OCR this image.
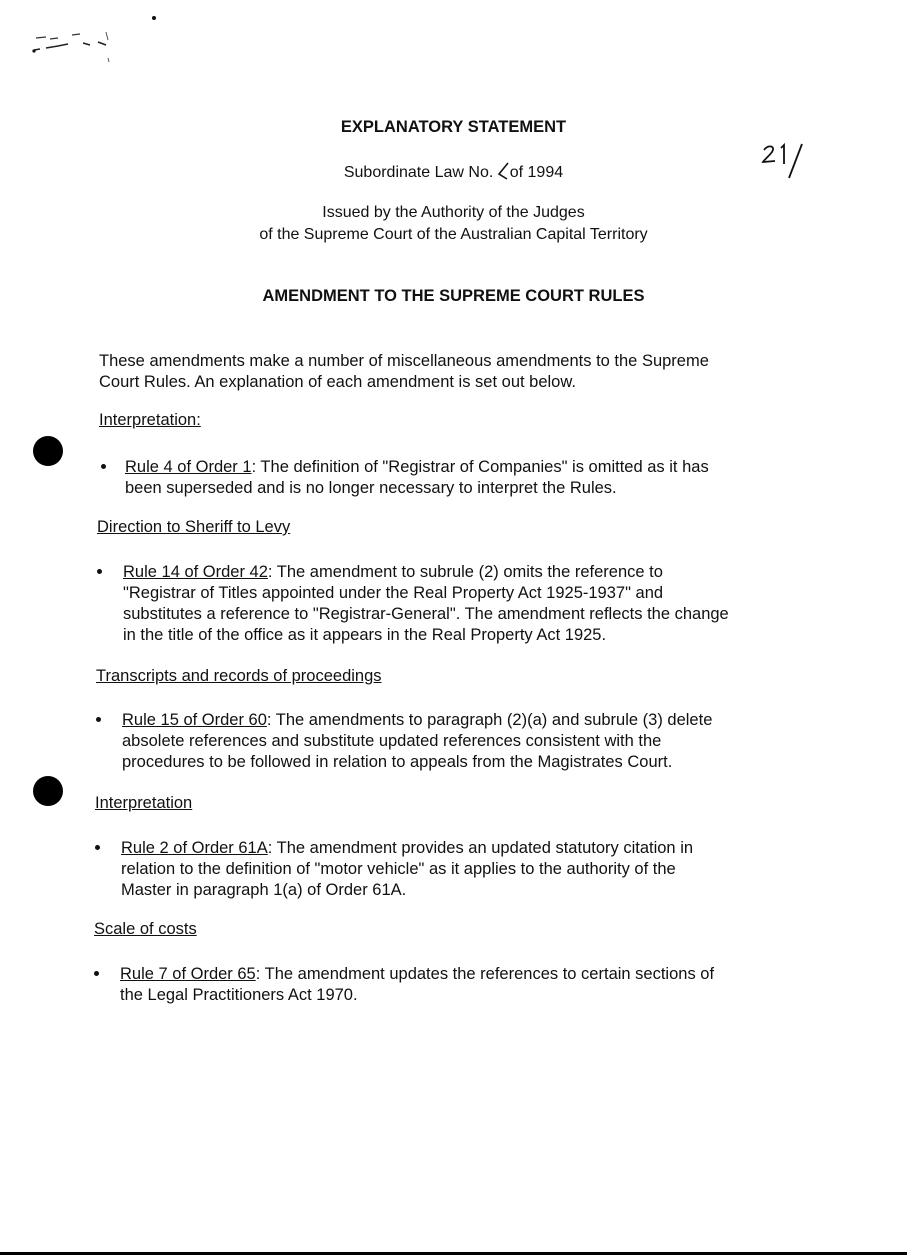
EXPLANATORY STATEMENT
Subordinate Law No. of 1994
Issued by the Authority of the Judges
of the Supreme Court of the Australian Capital Territory
AMENDMENT TO THE SUPREME COURT RULES
These amendments make a number of miscellaneous amendments to the Supreme
Court Rules. An explanation of each amendment is set out below.
Interpretation:
Rule 4 of Order 1: The definition of "Registrar of Companies" is omitted as it has
been superseded and is no longer necessary to interpret the Rules.
Direction to Sheriff to Levy
Rule 14 of Order 42: The amendment to subrule (2) omits the reference to
"Registrar of Titles appointed under the Real Property Act 1925-1937" and
substitutes a reference to "Registrar-General". The amendment reflects the change
in the title of the office as it appears in the Real Property Act 1925.
Transcripts and records of proceedings
Rule 15 of Order 60: The amendments to paragraph (2)(a) and subrule (3) delete
absolete references and substitute updated references consistent with the
procedures to be followed in relation to appeals from the Magistrates Court.
Interpretation
Rule 2 of Order 61A: The amendment provides an updated statutory citation in
relation to the definition of "motor vehicle" as it applies to the authority of the
Master in paragraph 1(a) of Order 61A.
Scale of costs
Rule 7 of Order 65: The amendment updates the references to certain sections of
the Legal Practitioners Act 1970.
